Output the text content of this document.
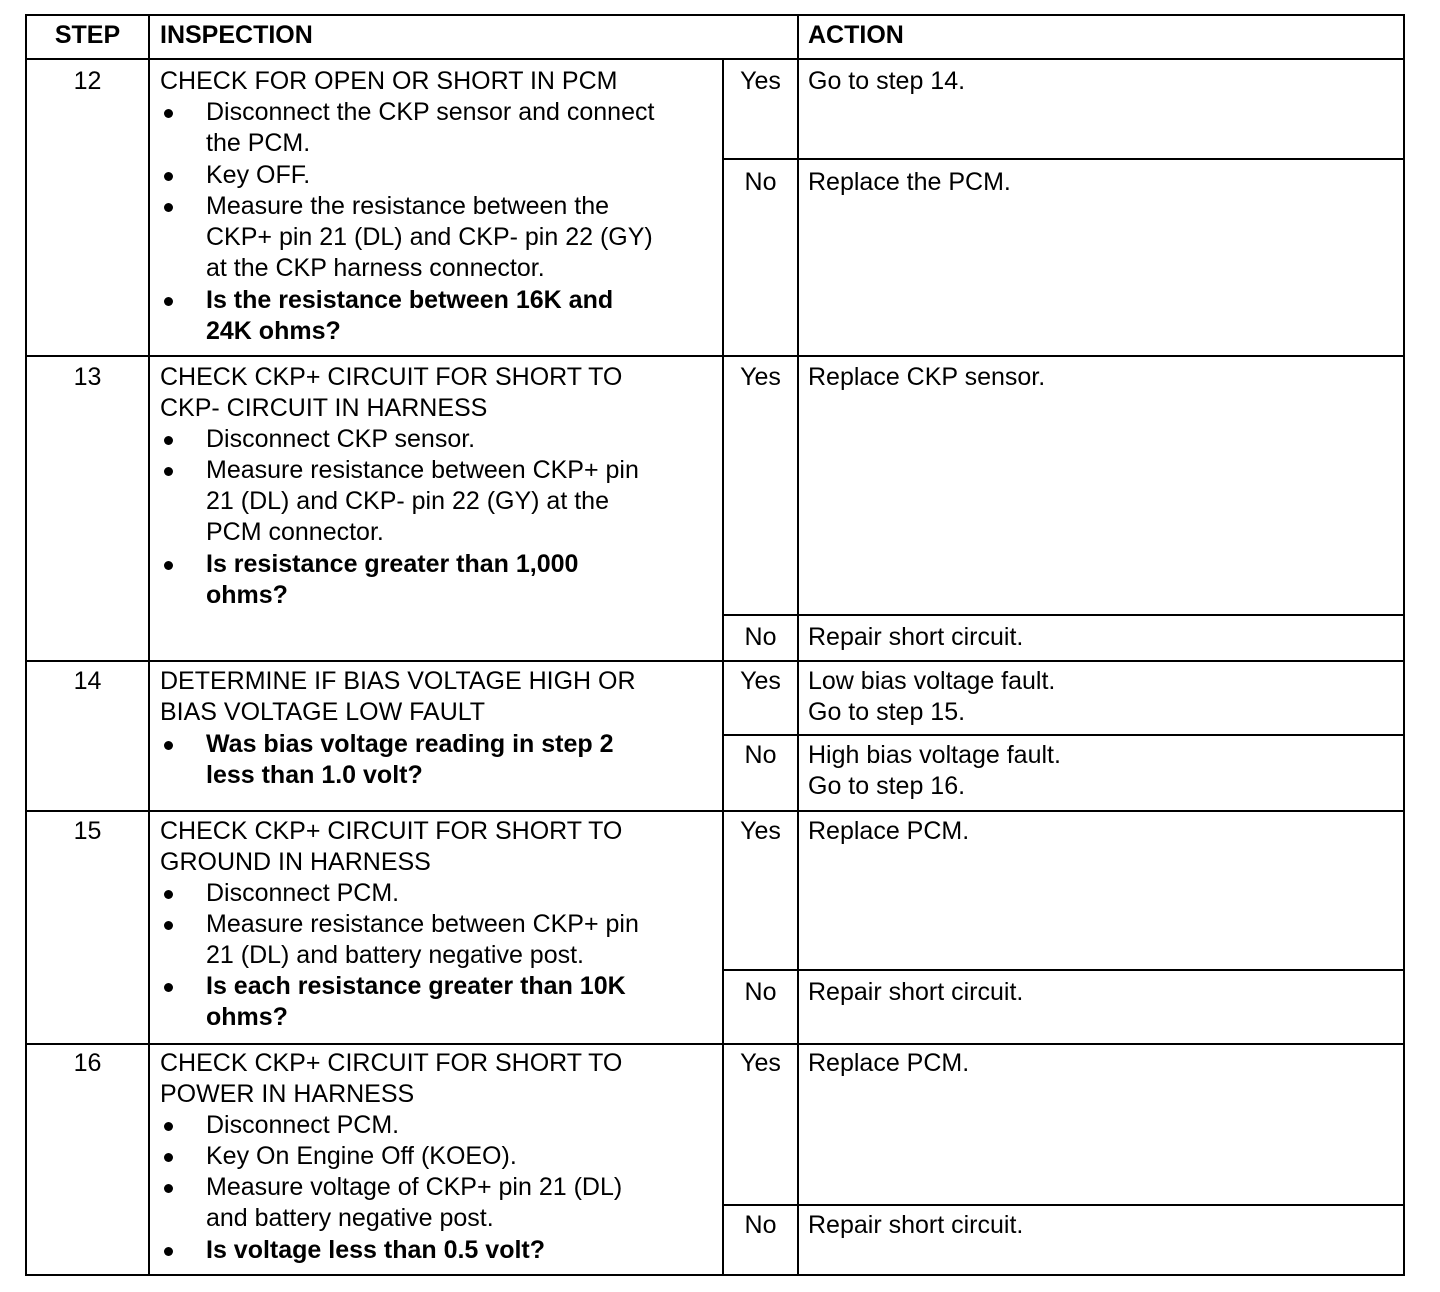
STEP	INSPECTION	ACTION
12	CHECK FOR OPEN OR SHORT IN PCM
Disconnect the CKP sensor and connect
the PCM.
Key OFF.
Measure the resistance between the
CKP+ pin 21 (DL) and CKP- pin 22 (GY)
at the CKP harness connector.
Is the resistance between 16K and
24K ohms?
Yes	Go to step 14.
No	Replace the PCM.
13	CHECK CKP+ CIRCUIT FOR SHORT TO
CKP- CIRCUIT IN HARNESS
Disconnect CKP sensor.
Measure resistance between CKP+ pin
21 (DL) and CKP- pin 22 (GY) at the
PCM connector.
Is resistance greater than 1,000
ohms?
Yes	Replace CKP sensor.
No	Repair short circuit.
14	DETERMINE IF BIAS VOLTAGE HIGH OR
BIAS VOLTAGE LOW FAULT
Was bias voltage reading in step 2
less than 1.0 volt?
Yes	Low bias voltage fault.
Go to step 15.
No	High bias voltage fault.
Go to step 16.
15	CHECK CKP+ CIRCUIT FOR SHORT TO
GROUND IN HARNESS
Disconnect PCM.
Measure resistance between CKP+ pin
21 (DL) and battery negative post.
Is each resistance greater than 10K
ohms?
Yes	Replace PCM.
No	Repair short circuit.
16	CHECK CKP+ CIRCUIT FOR SHORT TO
POWER IN HARNESS
Disconnect PCM.
Key On Engine Off (KOEO).
Measure voltage of CKP+ pin 21 (DL)
and battery negative post.
Is voltage less than 0.5 volt?
Yes	Replace PCM.
No	Repair short circuit.
